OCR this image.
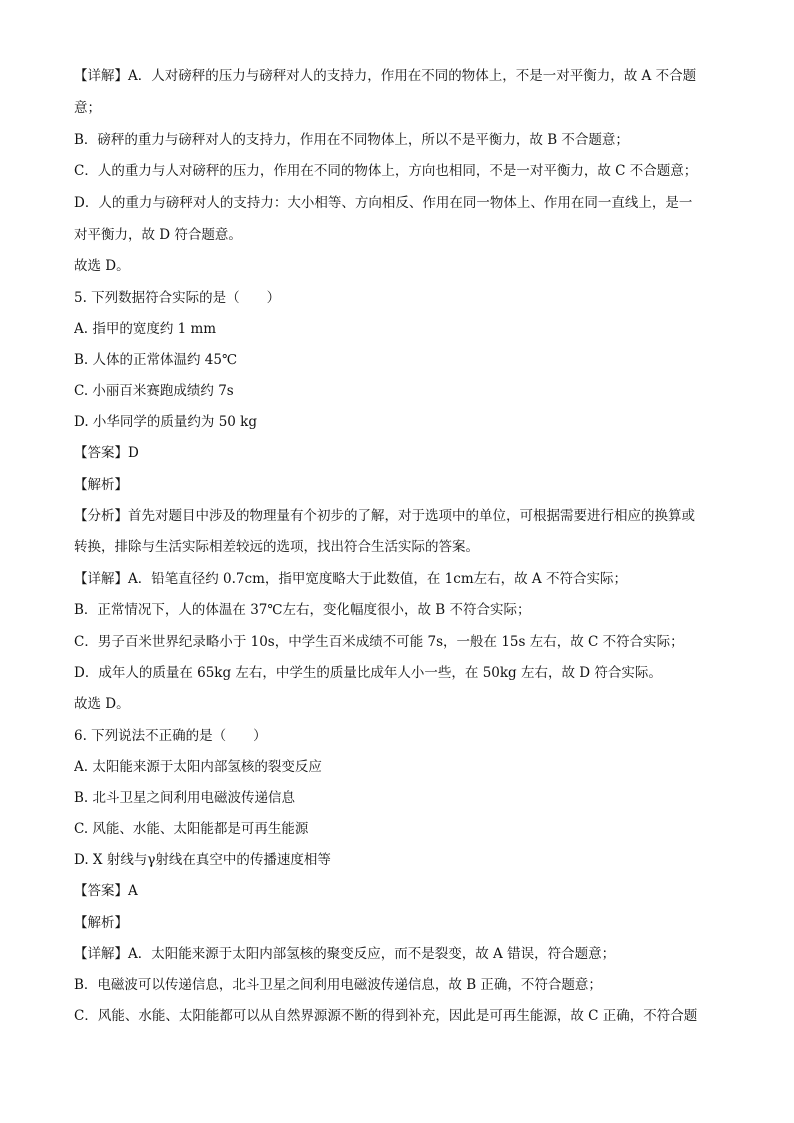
【详解】A．人对磅秤的压力与磅秤对人的支持力，作用在不同的物体上，不是一对平衡力，故 A 不合题
意；
B．磅秤的重力与磅秤对人的支持力，作用在不同物体上，所以不是平衡力，故 B 不合题意；
C．人的重力与人对磅秤的压力，作用在不同的物体上，方向也相同，不是一对平衡力，故 C 不合题意；
D．人的重力与磅秤对人的支持力：大小相等、方向相反、作用在同一物体上、作用在同一直线上，是一
对平衡力，故 D 符合题意。
故选 D。
5. 下列数据符合实际的是（　　）
A. 指甲的宽度约 1 mm
B. 人体的正常体温约 45℃
C. 小丽百米赛跑成绩约 7s
D. 小华同学的质量约为 50 kg
【答案】D
【解析】
【分析】首先对题目中涉及的物理量有个初步的了解，对于选项中的单位，可根据需要进行相应的换算或
转换，排除与生活实际相差较远的选项，找出符合生活实际的答案。
【详解】A．铅笔直径约 0.7cm，指甲宽度略大于此数值，在 1cm左右，故 A 不符合实际；
B．正常情况下，人的体温在 37℃左右，变化幅度很小，故 B 不符合实际；
C．男子百米世界纪录略小于 10s，中学生百米成绩不可能 7s，一般在 15s 左右，故 C 不符合实际；
D．成年人的质量在 65kg 左右，中学生的质量比成年人小一些，在 50kg 左右，故 D 符合实际。
故选 D。
6. 下列说法不正确的是（　　）
A. 太阳能来源于太阳内部氢核的裂变反应
B. 北斗卫星之间利用电磁波传递信息
C. 风能、水能、太阳能都是可再生能源
D. X 射线与γ射线在真空中的传播速度相等
【答案】A
【解析】
【详解】A．太阳能来源于太阳内部氢核的聚变反应，而不是裂变，故 A 错误，符合题意；
B．电磁波可以传递信息，北斗卫星之间利用电磁波传递信息，故 B 正确，不符合题意；
C．风能、水能、太阳能都可以从自然界源源不断的得到补充，因此是可再生能源，故 C 正确，不符合题
